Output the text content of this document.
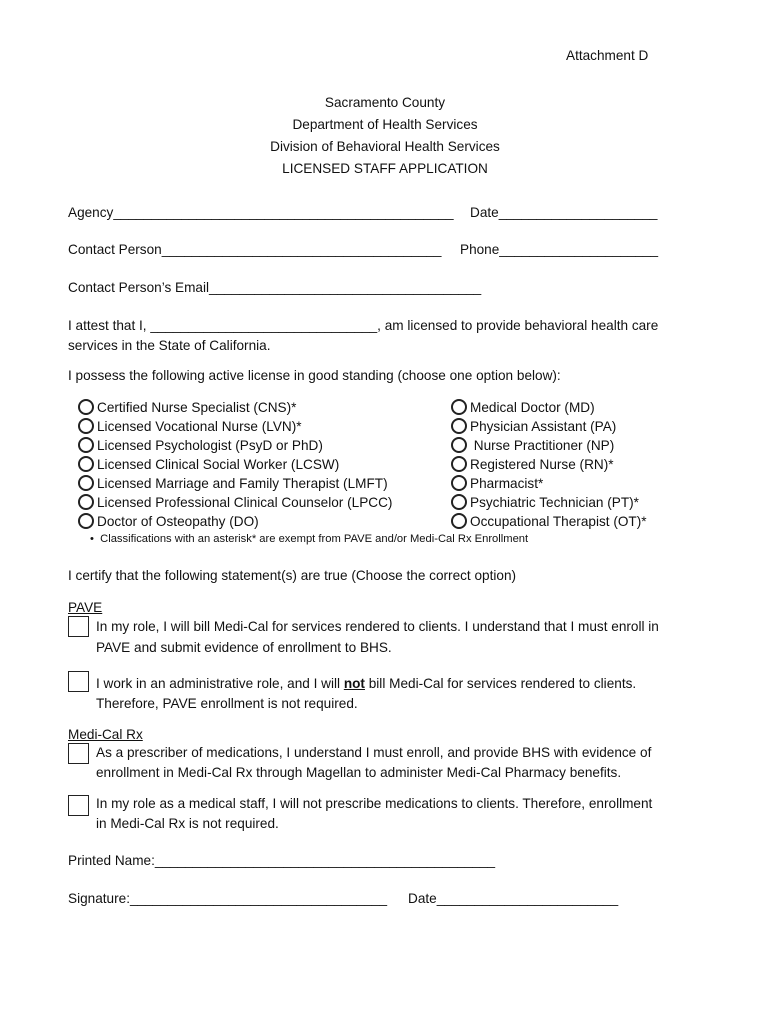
Attachment D
Sacramento County
Department of Health Services
Division of Behavioral Health Services
LICENSED STAFF APPLICATION
Agency_____________________________________________ Date_____________________
Contact Person_____________________________________ Phone_____________________
Contact Person’s Email____________________________________
I attest that I, ______________________________, am licensed to provide behavioral health care
services in the State of California.
I possess the following active license in good standing (choose one option below):
Certified Nurse Specialist (CNS)*
Licensed Vocational Nurse (LVN)*
Licensed Psychologist (PsyD or PhD)
Licensed Clinical Social Worker (LCSW)
Licensed Marriage and Family Therapist (LMFT)
Licensed Professional Clinical Counselor (LPCC)
Doctor of Osteopathy (DO)
Medical Doctor (MD)
Physician Assistant (PA)
Nurse Practitioner (NP)
Registered Nurse (RN)*
Pharmacist*
Psychiatric Technician (PT)*
Occupational Therapist (OT)*
•  Classifications with an asterisk* are exempt from PAVE and/or Medi-Cal Rx Enrollment
I certify that the following statement(s) are true (Choose the correct option)
PAVE
In my role, I will bill Medi-Cal for services rendered to clients. I understand that I must enroll in
PAVE and submit evidence of enrollment to BHS.
I work in an administrative role, and I will not bill Medi-Cal for services rendered to clients.
Therefore, PAVE enrollment is not required.
Medi-Cal Rx
As a prescriber of medications, I understand I must enroll, and provide BHS with evidence of
enrollment in Medi-Cal Rx through Magellan to administer Medi-Cal Pharmacy benefits.
In my role as a medical staff, I will not prescribe medications to clients. Therefore, enrollment
in Medi-Cal Rx is not required.
Printed Name:_____________________________________________
Signature:__________________________________ Date________________________
